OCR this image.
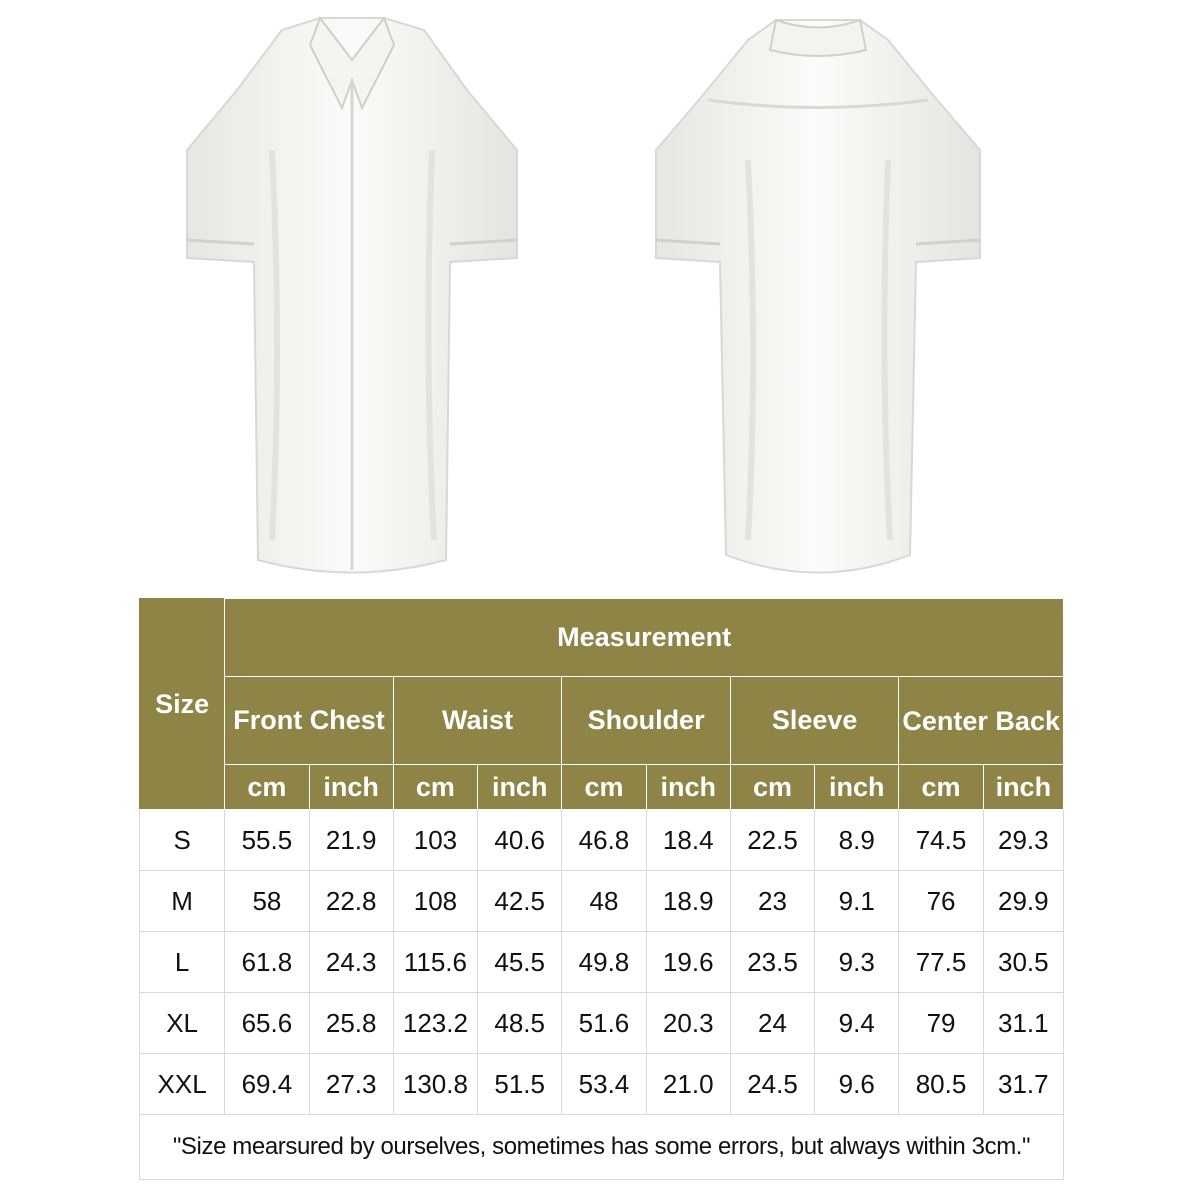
Size	Measurement									
	Front Chest		Waist		Shoulder		Sleeve		Center Back	
	cm	inch	cm	inch	cm	inch	cm	inch	cm	inch
S	55.5	21.9	103	40.6	46.8	18.4	22.5	8.9	74.5	29.3
M	58	22.8	108	42.5	48	18.9	23	9.1	76	29.9
L	61.8	24.3	115.6	45.5	49.8	19.6	23.5	9.3	77.5	30.5
XL	65.6	25.8	123.2	48.5	51.6	20.3	24	9.4	79	31.1
XXL	69.4	27.3	130.8	51.5	53.4	21.0	24.5	9.6	80.5	31.7
"Size mearsured by ourselves, sometimes has some errors, but always within 3cm."										
